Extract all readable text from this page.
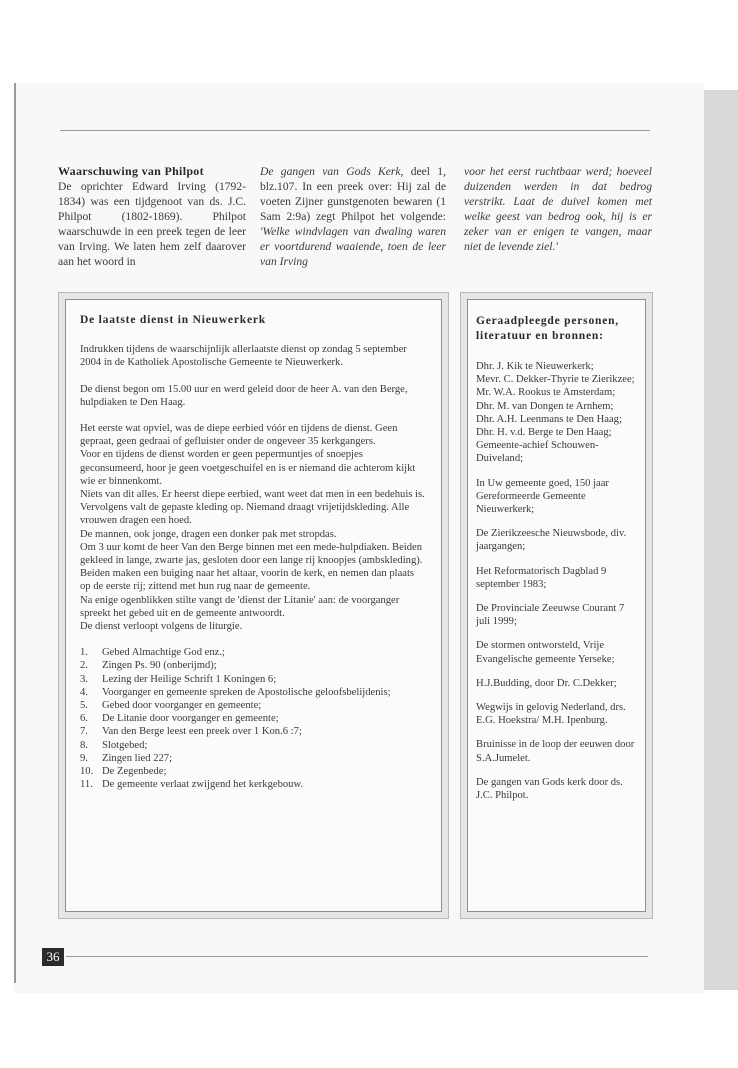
Waarschuwing van Philpot

De oprichter Edward Irving (1792-1834) was een tijdgenoot van ds. J.C. Philpot (1802-1869). Philpot waarschuwde in een preek tegen de leer van Irving. We laten hem zelf daarover aan het woord in

De gangen van Gods Kerk, deel 1, blz.107. In een preek over: Hij zal de voeten Zijner gunstgenoten bewaren (1 Sam 2:9a) zegt Philpot het volgende: 'Welke windvlagen van dwaling waren er voortdurend waaiende, toen de leer van Irving

voor het eerst ruchtbaar werd; hoeveel duizenden werden in dat bedrog verstrikt. Laat de duivel komen met welke geest van bedrog ook, hij is er zeker van er enigen te vangen, maar niet de levende ziel.'

De laatste dienst in Nieuwerkerk

Indrukken tijdens de waarschijnlijk allerlaatste dienst op zondag 5 september 2004 in de Katholiek Apostolische Gemeente te Nieuwerkerk.

De dienst begon om 15.00 uur en werd geleid door de heer A. van den Berge, hulpdiaken te Den Haag.

Het eerste wat opviel, was de diepe eerbied vóór en tijdens de dienst. Geen gepraat, geen gedraai of gefluister onder de ongeveer 35 kerkgangers.

Voor en tijdens de dienst worden er geen pepermuntjes of snoepjes geconsumeerd, hoor je geen voetgeschuifel en is er niemand die achterom kijkt wie er binnenkomt.

Niets van dit alles. Er heerst diepe eerbied, want weet dat men in een bedehuis is.

Vervolgens valt de gepaste kleding op. Niemand draagt vrijetijdskleding. Alle vrouwen dragen een hoed.

De mannen, ook jonge, dragen een donker pak met stropdas.

Om 3 uur komt de heer Van den Berge binnen met een mede-hulpdiaken. Beiden gekleed in lange, zwarte jas, gesloten door een lange rij knoopjes (ambskleding).

Beiden maken een buiging naar het altaar, voorin de kerk, en nemen dan plaats op de eerste rij; zittend met hun rug naar de gemeente.

Na enige ogenblikken stilte vangt de 'dienst der Litanie' aan: de voorganger spreekt het gebed uit en de gemeente antwoordt.

De dienst verloopt volgens de liturgie.

1. Gebed Almachtige God enz.;
2. Zingen Ps. 90 (onberijmd);
3. Lezing der Heilige Schrift 1 Koningen 6;
4. Voorganger en gemeente spreken de Apostolische geloofsbelijdenis;
5. Gebed door voorganger en gemeente;
6. De Litanie door voorganger en gemeente;
7. Van den Berge leest een preek over 1 Kon.6 :7;
8. Slotgebed;
9. Zingen lied 227;
10. De Zegenbede;
11. De gemeente verlaat zwijgend het kerkgebouw.
Geraadpleegde personen, literatuur en bronnen:

Dhr. J. Kik te Nieuwerkerk;
Mevr. C. Dekker-Thyrie te Zierikzee;
Mr. W.A. Rookus te Amsterdam;
Dhr. M. van Dongen te Arnhem;
Dhr. A.H. Leenmans te Den Haag;
Dhr. H. v.d. Berge te Den Haag;
Gemeente-achief Schouwen-Duiveland;

In Uw gemeente goed, 150 jaar Gereformeerde Gemeente Nieuwerkerk;

De Zierikzeesche Nieuwsbode, div. jaargangen;

Het Reformatorisch Dagblad 9 september 1983;

De Provinciale Zeeuwse Courant 7 juli 1999;

De stormen ontworsteld, Vrije Evangelische gemeente Yerseke;

H.J.Budding, door Dr. C.Dekker;

Wegwijs in gelovig Nederland, drs. E.G. Hoekstra/ M.H. Ipenburg.

Bruinisse in de loop der eeuwen door S.A.Jumelet.

De gangen van Gods kerk door ds. J.C. Philpot.

36
